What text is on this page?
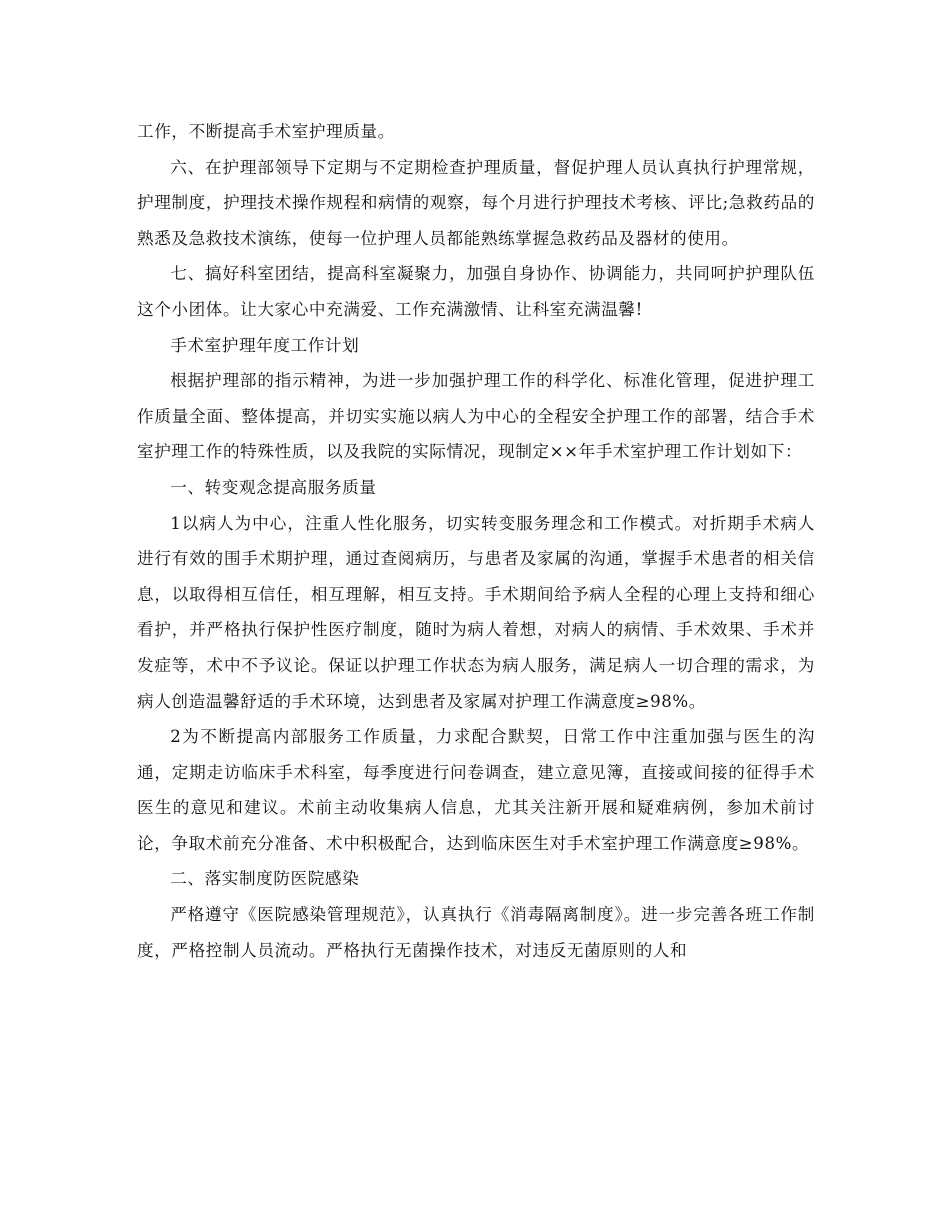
工作，不断提高手术室护理质量。

六、在护理部领导下定期与不定期检查护理质量，督促护理人员认真执行护理常规，护理制度，护理技术操作规程和病情的观察，每个月进行护理技术考核、评比;急救药品的熟悉及急救技术演练，使每一位护理人员都能熟练掌握急救药品及器材的使用。

七、搞好科室团结，提高科室凝聚力，加强自身协作、协调能力，共同呵护护理队伍这个小团体。让大家心中充满爱、工作充满激情、让科室充满温馨!

手术室护理年度工作计划

根据护理部的指示精神，为进一步加强护理工作的科学化、标准化管理，促进护理工作质量全面、整体提高，并切实实施以病人为中心的全程安全护理工作的部署，结合手术室护理工作的特殊性质，以及我院的实际情况，现制定××年手术室护理工作计划如下：

一、转变观念提高服务质量

1以病人为中心，注重人性化服务，切实转变服务理念和工作模式。对折期手术病人进行有效的围手术期护理，通过查阅病历，与患者及家属的沟通，掌握手术患者的相关信息，以取得相互信任，相互理解，相互支持。手术期间给予病人全程的心理上支持和细心看护，并严格执行保护性医疗制度，随时为病人着想，对病人的病情、手术效果、手术并发症等，术中不予议论。保证以护理工作状态为病人服务，满足病人一切合理的需求，为病人创造温馨舒适的手术环境，达到患者及家属对护理工作满意度≥98%。

2为不断提高内部服务工作质量，力求配合默契，日常工作中注重加强与医生的沟通，定期走访临床手术科室，每季度进行问卷调查，建立意见簿，直接或间接的征得手术医生的意见和建议。术前主动收集病人信息，尤其关注新开展和疑难病例，参加术前讨论，争取术前充分准备、术中积极配合，达到临床医生对手术室护理工作满意度≥98%。

二、落实制度防医院感染

严格遵守《医院感染管理规范》，认真执行《消毒隔离制度》。进一步完善各班工作制度，严格控制人员流动。严格执行无菌操作技术，对违反无菌原则的人和
